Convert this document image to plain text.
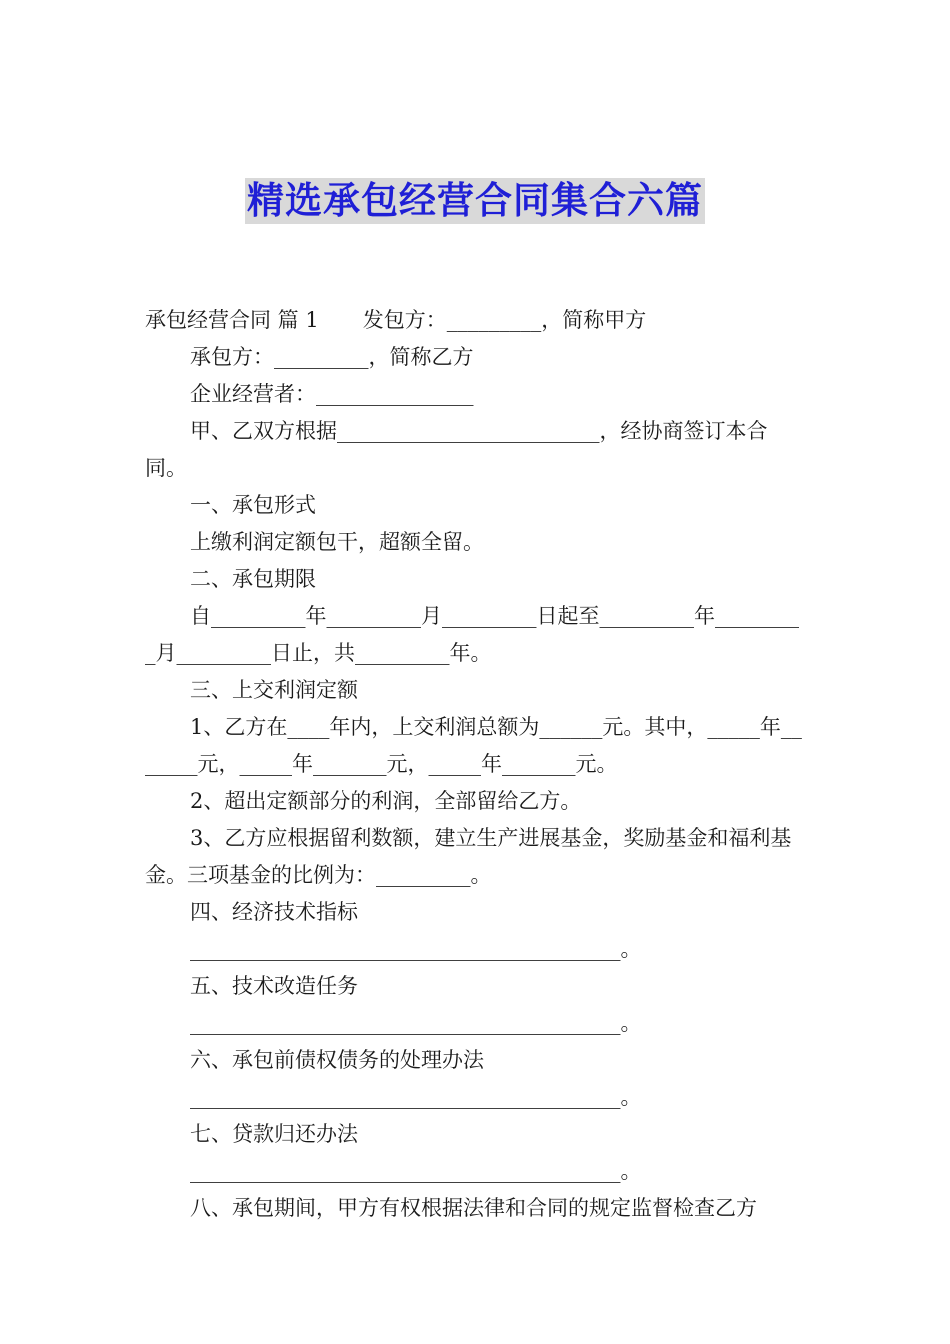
精选承包经营合同集合六篇

承包经营合同 篇 1 发包方：_________，简称甲方

承包方：_________，简称乙方

企业经营者：_______________

甲、乙双方根据_________________________，经协商签订本合同。

一、承包形式

上缴利润定额包干，超额全留。

二、承包期限

自_________年_________月_________日起至_________年_________月_________日止，共_________年。

三、上交利润定额

1、乙方在____年内，上交利润总额为______元。其中，_____年_______元，_____年_______元，_____年_______元。

2、超出定额部分的利润，全部留给乙方。

3、乙方应根据留利数额，建立生产进展基金，奖励基金和福利基金。三项基金的比例为：_________。

四、经济技术指标

_________________________________________。

五、技术改造任务

_________________________________________。

六、承包前债权债务的处理办法

_________________________________________。

七、贷款归还办法

_________________________________________。

八、承包期间，甲方有权根据法律和合同的规定监督检查乙方
